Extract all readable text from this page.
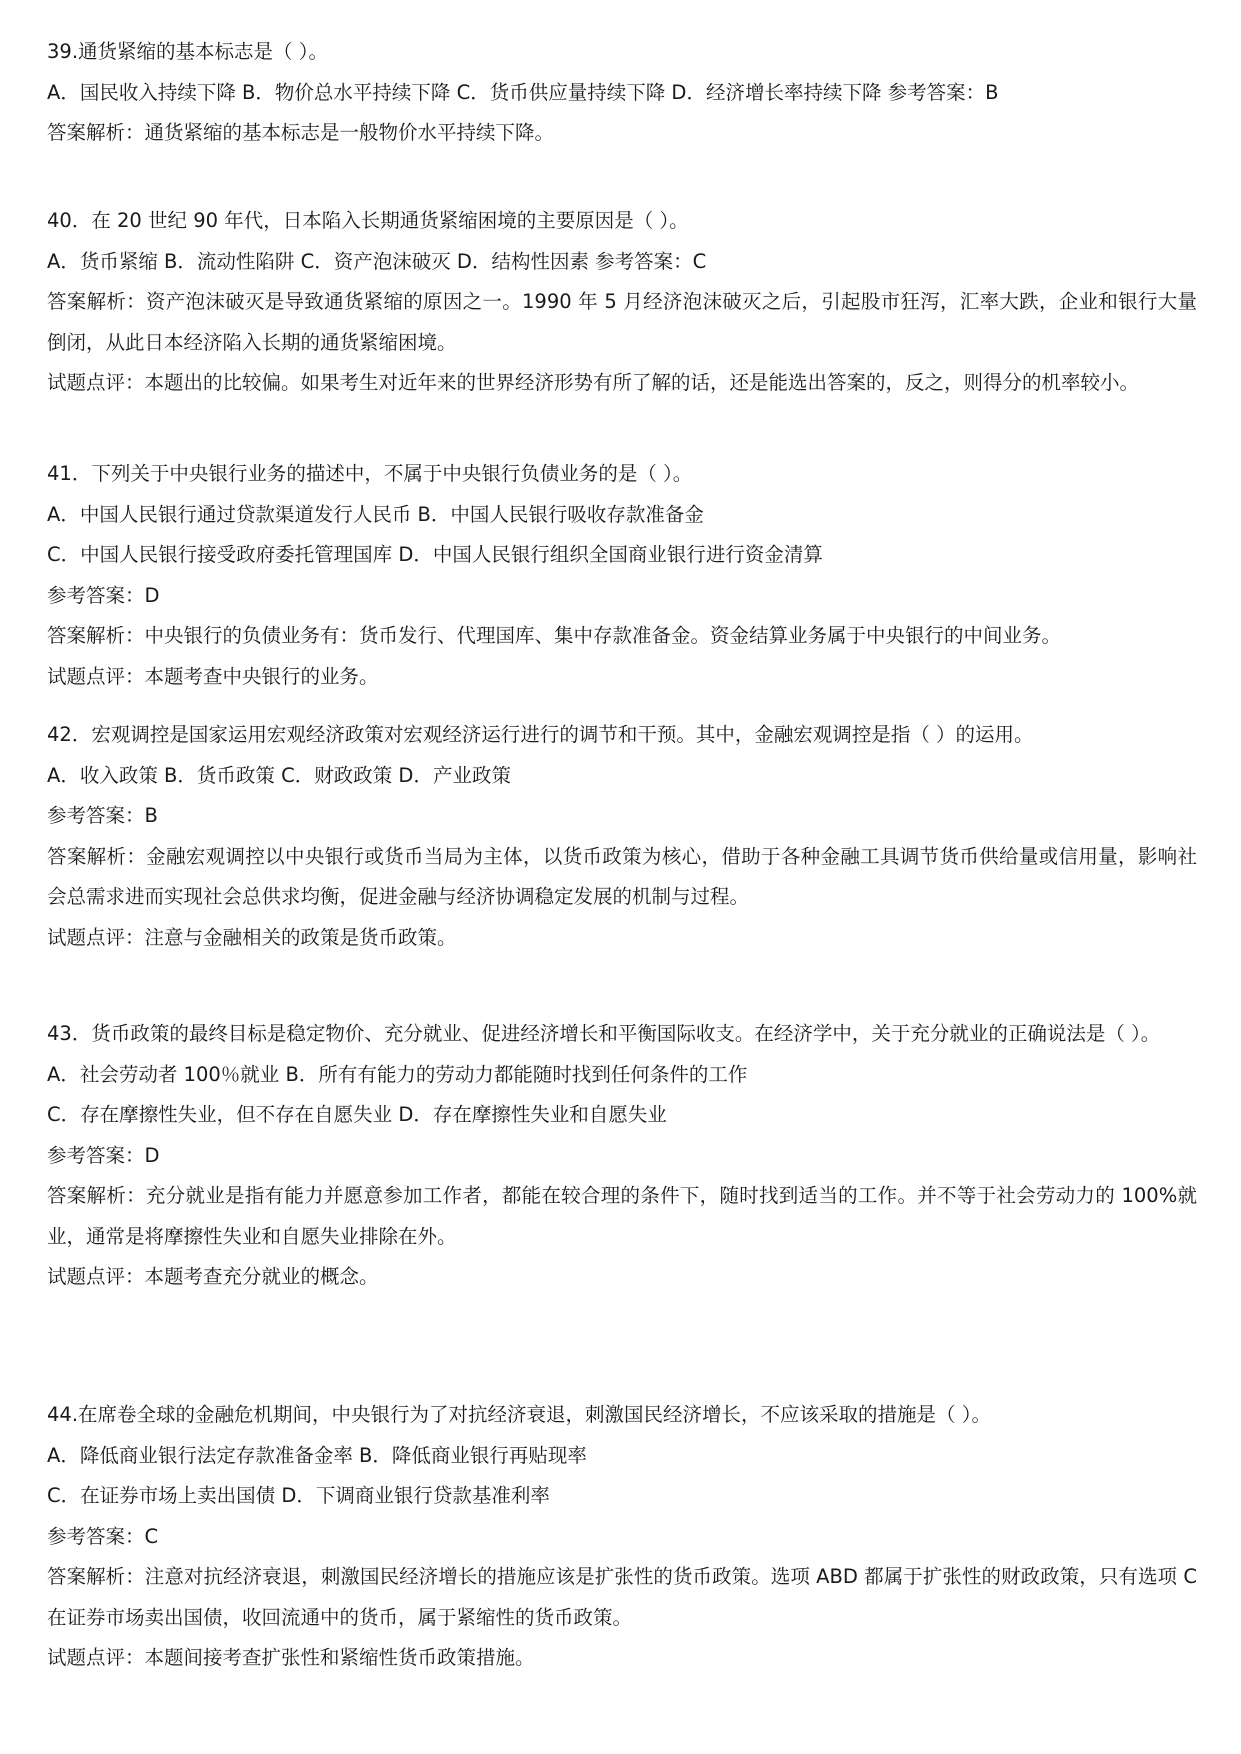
39.通货紧缩的基本标志是（ ）。
A．国民收入持续下降 B．物价总水平持续下降 C．货币供应量持续下降 D．经济增长率持续下降 参考答案：B
答案解析：通货紧缩的基本标志是一般物价水平持续下降。
40．在 20 世纪 90 年代，日本陷入长期通货紧缩困境的主要原因是（ ）。
A．货币紧缩 B．流动性陷阱 C．资产泡沫破灭 D．结构性因素 参考答案：C
答案解析：资产泡沫破灭是导致通货紧缩的原因之一。1990 年 5 月经济泡沫破灭之后，引起股市狂泻，汇率大跌，企业和银行大量倒闭，从此日本经济陷入长期的通货紧缩困境。
试题点评：本题出的比较偏。如果考生对近年来的世界经济形势有所了解的话，还是能选出答案的，反之，则得分的机率较小。
41．下列关于中央银行业务的描述中，不属于中央银行负债业务的是（ ）。
A．中国人民银行通过贷款渠道发行人民币 B．中国人民银行吸收存款准备金
C．中国人民银行接受政府委托管理国库 D．中国人民银行组织全国商业银行进行资金清算
参考答案：D
答案解析：中央银行的负债业务有：货币发行、代理国库、集中存款准备金。资金结算业务属于中央银行的中间业务。
试题点评：本题考查中央银行的业务。
42．宏观调控是国家运用宏观经济政策对宏观经济运行进行的调节和干预。其中，金融宏观调控是指（ ）的运用。
A．收入政策 B．货币政策 C．财政政策 D．产业政策
参考答案：B
答案解析：金融宏观调控以中央银行或货币当局为主体，以货币政策为核心，借助于各种金融工具调节货币供给量或信用量，影响社会总需求进而实现社会总供求均衡，促进金融与经济协调稳定发展的机制与过程。
试题点评：注意与金融相关的政策是货币政策。
43．货币政策的最终目标是稳定物价、充分就业、促进经济增长和平衡国际收支。在经济学中，关于充分就业的正确说法是（ ）。
A．社会劳动者 100％就业 B．所有有能力的劳动力都能随时找到任何条件的工作
C．存在摩擦性失业，但不存在自愿失业 D．存在摩擦性失业和自愿失业
参考答案：D
答案解析：充分就业是指有能力并愿意参加工作者，都能在较合理的条件下，随时找到适当的工作。并不等于社会劳动力的 100%就业，通常是将摩擦性失业和自愿失业排除在外。
试题点评：本题考查充分就业的概念。
44.在席卷全球的金融危机期间，中央银行为了对抗经济衰退，刺激国民经济增长，不应该采取的措施是（ ）。
A．降低商业银行法定存款准备金率 B．降低商业银行再贴现率
C．在证券市场上卖出国债 D．下调商业银行贷款基准利率
参考答案：C
答案解析：注意对抗经济衰退，刺激国民经济增长的措施应该是扩张性的货币政策。选项 ABD 都属于扩张性的财政政策，只有选项 C 在证券市场卖出国债，收回流通中的货币，属于紧缩性的货币政策。
试题点评：本题间接考查扩张性和紧缩性货币政策措施。
